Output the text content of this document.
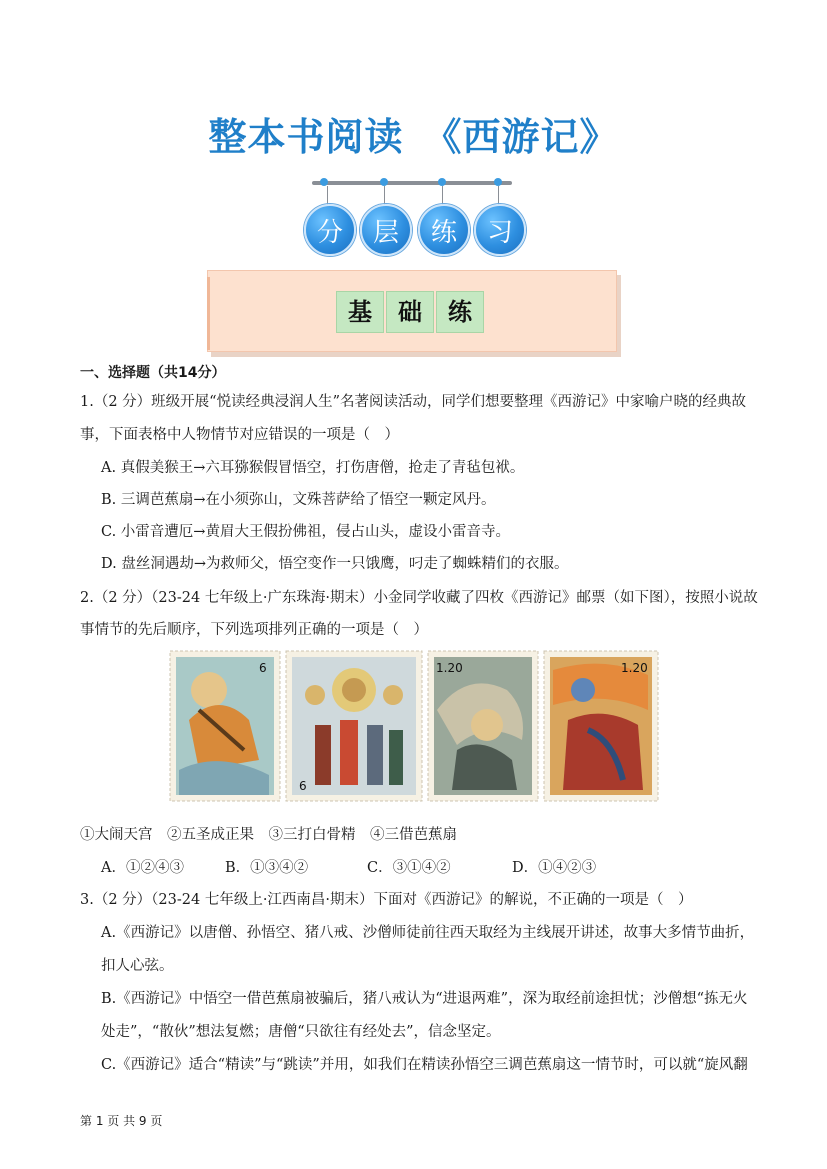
整本书阅读　《西游记》
分	层	练	习
基	础	练
一、选择题（共14分）
1.（2 分）班级开展“悦读经典浸润人生”名著阅读活动，同学们想要整理《西游记》中家喻户晓的经典故
事，下面表格中人物情节对应错误的一项是（　）
A. 真假美猴王→六耳猕猴假冒悟空，打伤唐僧，抢走了青毡包袱。
B. 三调芭蕉扇→在小须弥山，文殊菩萨给了悟空一颗定风丹。
C. 小雷音遭厄→黄眉大王假扮佛祖，侵占山头，虚设小雷音寺。
D. 盘丝洞遇劫→为救师父，悟空变作一只饿鹰，叼走了蜘蛛精们的衣服。
2.（2 分）（23-24 七年级上·广东珠海·期末）小金同学收藏了四枚《西游记》邮票（如下图），按照小说故
事情节的先后顺序，下列选项排列正确的一项是（　）
6
6
1.20	1.20
①大闹天宫　②五圣成正果　③三打白骨精　④三借芭蕉扇
A．①②④③	B．①③④②	C．③①④②	D．①④②③
3.（2 分）（23-24 七年级上·江西南昌·期末）下面对《西游记》的解说，不正确的一项是（　）
A.《西游记》以唐僧、孙悟空、猪八戒、沙僧师徒前往西天取经为主线展开讲述，故事大多情节曲折，
扣人心弦。
B.《西游记》中悟空一借芭蕉扇被骗后，猪八戒认为“进退两难”，深为取经前途担忧；沙僧想“拣无火
处走”，“散伙”想法复燃；唐僧“只欲往有经处去”，信念坚定。
C.《西游记》适合“精读”与“跳读”并用，如我们在精读孙悟空三调芭蕉扇这一情节时，可以就“旋风翻
第 1 页 共 9 页
